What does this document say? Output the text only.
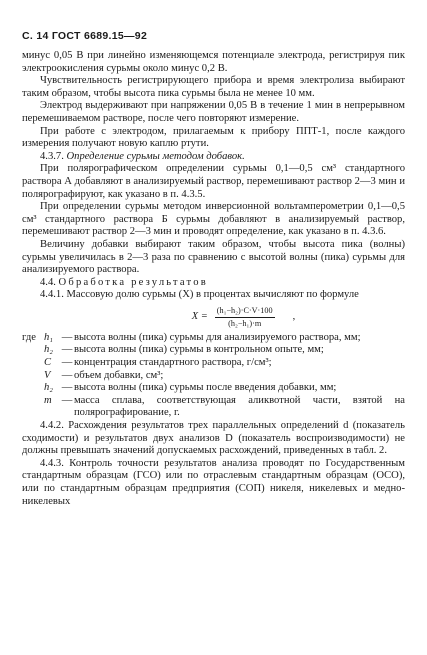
С. 14 ГОСТ 6689.15—92

минус 0,05 В при линейно изменяющемся потенциале электрода, регистрируя пик электроокисления сурьмы около минус 0,2 В.

Чувствительность регистрирующего прибора и время электролиза выбирают таким образом, чтобы высота пика сурьмы была не менее 10 мм.

Электрод выдерживают при напряжении 0,05 В в течение 1 мин в непрерывном перемешиваемом растворе, после чего повторяют измерение.

При работе с электродом, прилагаемым к прибору ППТ-1, после каждого измерения получают новую каплю ртути.

4.3.7. Определение сурьмы методом добавок.

При полярографическом определении сурьмы 0,1—0,5 см³ стандартного раствора А добавляют в анализируемый раствор, перемешивают раствор 2—3 мин и полярографируют, как указано в п. 4.3.5.

При определении сурьмы методом инверсионной вольтамперометрии 0,1—0,5 см³ стандартного раствора Б сурьмы добавляют в анализируемый раствор, перемешивают раствор 2—3 мин и проводят определение, как указано в п. 4.3.6.

Величину добавки выбирают таким образом, чтобы высота пика (волны) сурьмы увеличилась в 2—3 раза по сравнению с высотой волны (пика) сурьмы для анализируемого раствора.

4.4. Обработка результатов

4.4.1. Массовую долю сурьмы (X) в процентах вычисляют по формуле

$X = \frac{\text{(h₁−h₂)·C·V·100}}{\text{(h₂−h₁)·m}}$ ,
где	h₁	—	высота волны (пика) сурьмы для анализируемого раствора, мм;
	h₂	—	высота волны (пика) сурьмы в контрольном опыте, мм;
	C	—	концентрация стандартного раствора, г/см³;
	V	—	объем добавки, см³;
	h₂	—	высота волны (пика) сурьмы после введения добавки, мм;
	m	—	масса сплава, соответствующая аликвотной части, взятой на полярографирование, г.

4.4.2. Расхождения результатов трех параллельных определений d (показатель сходимости) и результатов двух анализов D (показатель воспроизводимости) не должны превышать значений допускаемых расхождений, приведенных в табл. 2.

4.4.3. Контроль точности результатов анализа проводят по Государственным стандартным образцам (ГСО) или по отраслевым стандартным образцам (ОСО), или по стандартным образцам предприятия (СОП) никеля, никелевых и медно-никелевых
